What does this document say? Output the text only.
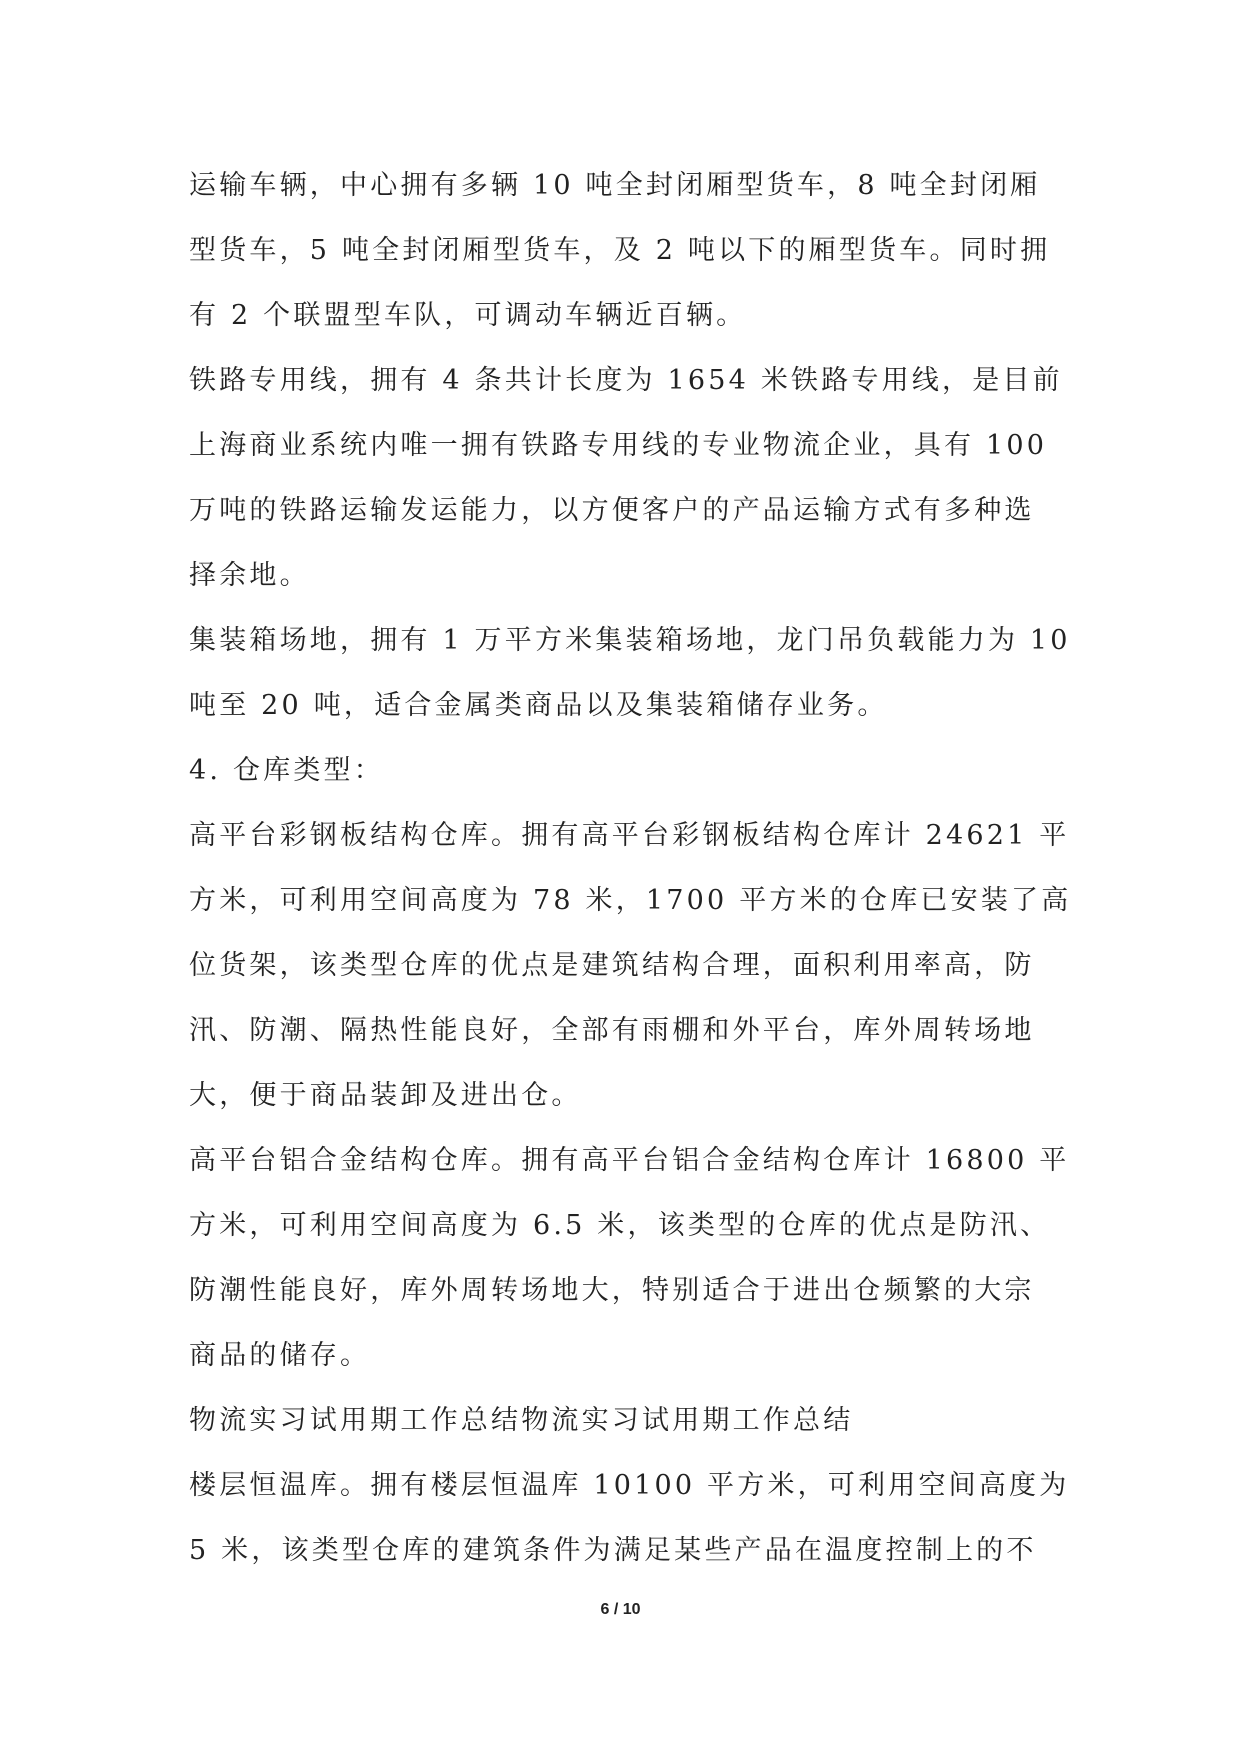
运输车辆，中心拥有多辆 10 吨全封闭厢型货车，8 吨全封闭厢
型货车，5 吨全封闭厢型货车，及 2 吨以下的厢型货车。同时拥
有 2 个联盟型车队，可调动车辆近百辆。
铁路专用线，拥有 4 条共计长度为 1654 米铁路专用线，是目前
上海商业系统内唯一拥有铁路专用线的专业物流企业，具有 100
万吨的铁路运输发运能力，以方便客户的产品运输方式有多种选
择余地。
集装箱场地，拥有 1 万平方米集装箱场地，龙门吊负载能力为 10
吨至 20 吨，适合金属类商品以及集装箱储存业务。
4. 仓库类型：
高平台彩钢板结构仓库。拥有高平台彩钢板结构仓库计 24621 平
方米，可利用空间高度为 78 米，1700 平方米的仓库已安装了高
位货架，该类型仓库的优点是建筑结构合理，面积利用率高，防
汛、防潮、隔热性能良好，全部有雨棚和外平台，库外周转场地
大，便于商品装卸及进出仓。
高平台铝合金结构仓库。拥有高平台铝合金结构仓库计 16800 平
方米，可利用空间高度为 6.5 米，该类型的仓库的优点是防汛、
防潮性能良好，库外周转场地大，特别适合于进出仓频繁的大宗
商品的储存。
物流实习试用期工作总结物流实习试用期工作总结
楼层恒温库。拥有楼层恒温库 10100 平方米，可利用空间高度为
5 米，该类型仓库的建筑条件为满足某些产品在温度控制上的不
6 / 10
